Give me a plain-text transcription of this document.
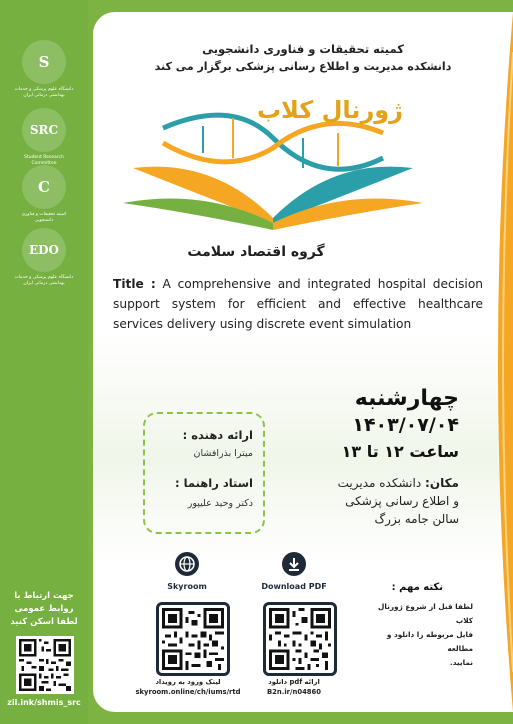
S
دانشگاه علوم پزشکی و خدمات بهداشتی درمانی ایران
SRC
Student Research Committee
C
کمیته تحقیقات و فناوری دانشجویی
EDO
دانشگاه علوم پزشکی و خدمات بهداشتی درمانی ایران
جهت ارتباط با
روابط عمومی
لطفا اسکن کنید
zil.ink/shmis_src
کمیته تحقیقات و فناوری دانشجویی
دانشکده مدیریت و اطلاع رسانی پزشکی برگزار می کند
ژورنال کلاب
گروه اقتصاد سلامت
Title : A comprehensive and integrated hospital decision support system for efficient and effective healthcare services delivery using discrete event simulation
ارائه دهنده :
میترا بذرافشان
استاد راهنما :
دکتر وحید علیپور
چهارشنبه
۱۴۰۳/۰۷/۰۴
ساعت ۱۲ تا ۱۳
مکان: دانشکده مدیریت
و اطلاع رسانی پزشکی
سالن جامه بزرگ
Skyroom
لینک ورود به رویداد
skyroom.online/ch/iums/rtd
Download PDF
دانلود pdf ارائه
B2n.ir/n04860
نکته مهم :
لطفا قبل از شروع ژورنال کلاب
فایل مربوطه را دانلود و مطالعه
نمایید.
